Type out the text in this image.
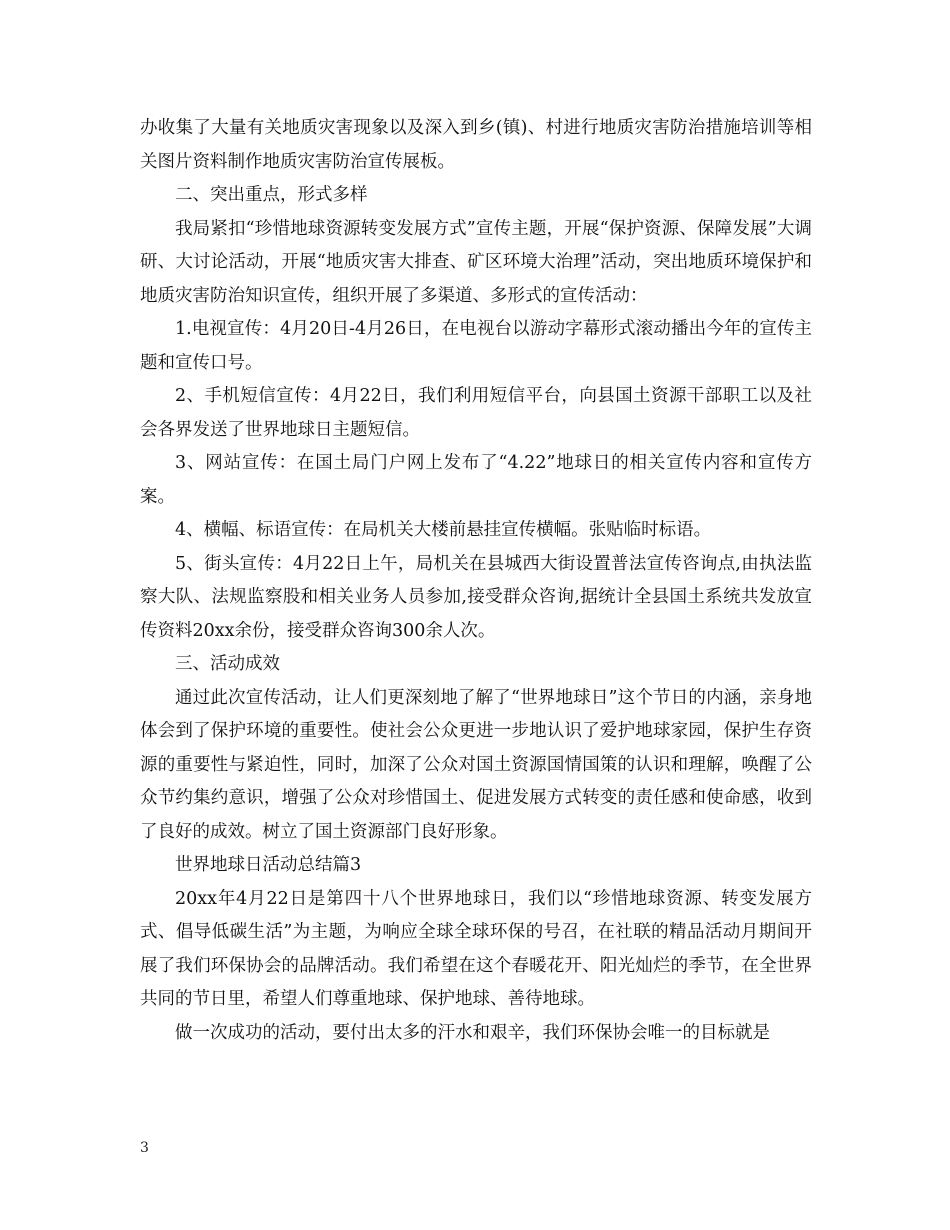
办收集了大量有关地质灾害现象以及深入到乡(镇)、村进行地质灾害防治措施培训等相关图片资料制作地质灾害防治宣传展板。

二、突出重点，形式多样

我局紧扣“珍惜地球资源转变发展方式”宣传主题，开展“保护资源、保障发展”大调研、大讨论活动，开展“地质灾害大排查、矿区环境大治理”活动，突出地质环境保护和地质灾害防治知识宣传，组织开展了多渠道、多形式的宣传活动：

1.电视宣传：4月20日-4月26日，在电视台以游动字幕形式滚动播出今年的宣传主题和宣传口号。

2、手机短信宣传：4月22日，我们利用短信平台，向县国土资源干部职工以及社会各界发送了世界地球日主题短信。

3、网站宣传：在国土局门户网上发布了“4.22”地球日的相关宣传内容和宣传方案。

4、横幅、标语宣传：在局机关大楼前悬挂宣传横幅。张贴临时标语。

5、街头宣传：4月22日上午，局机关在县城西大街设置普法宣传咨询点,由执法监察大队、法规监察股和相关业务人员参加,接受群众咨询,据统计全县国土系统共发放宣传资料20xx余份，接受群众咨询300余人次。

三、活动成效

通过此次宣传活动，让人们更深刻地了解了“世界地球日”这个节日的内涵，亲身地体会到了保护环境的重要性。使社会公众更进一步地认识了爱护地球家园，保护生存资源的重要性与紧迫性，同时，加深了公众对国土资源国情国策的认识和理解，唤醒了公众节约集约意识，增强了公众对珍惜国土、促进发展方式转变的责任感和使命感，收到了良好的成效。树立了国土资源部门良好形象。

世界地球日活动总结篇3

20xx年4月22日是第四十八个世界地球日，我们以“珍惜地球资源、转变发展方式、倡导低碳生活”为主题，为响应全球全球环保的号召，在社联的精品活动月期间开展了我们环保协会的品牌活动。我们希望在这个春暖花开、阳光灿烂的季节，在全世界共同的节日里，希望人们尊重地球、保护地球、善待地球。

做一次成功的活动，要付出太多的汗水和艰辛，我们环保协会唯一的目标就是

3
